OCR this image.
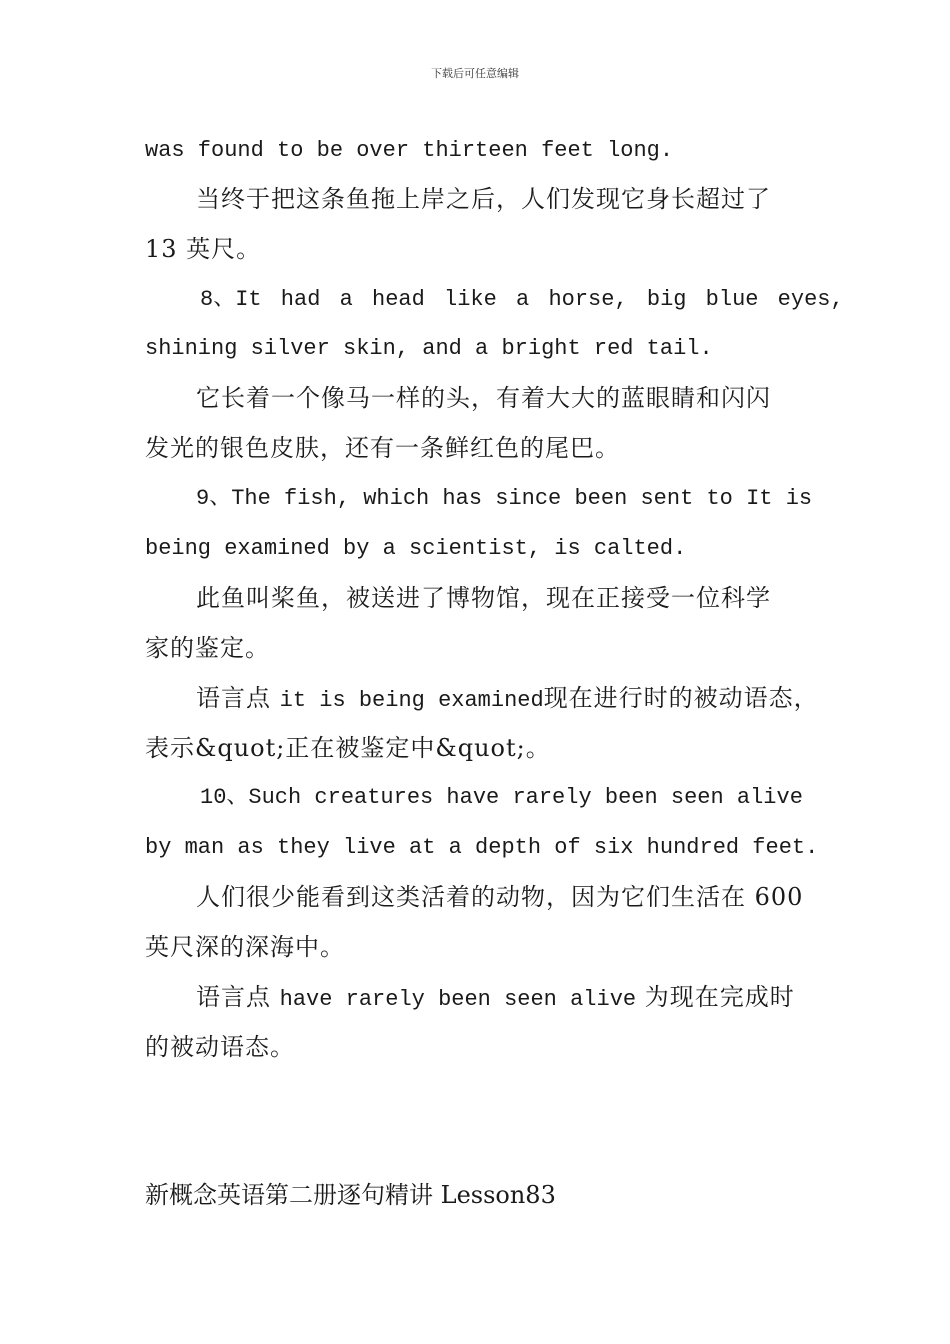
下载后可任意编辑
was found to be over thirteen feet long.
当终于把这条鱼拖上岸之后，人们发现它身长超过了
13 英尺。
8、It had a head like a horse, big blue eyes,
shining silver skin, and a bright red tail.
它长着一个像马一样的头，有着大大的蓝眼睛和闪闪
发光的银色皮肤，还有一条鲜红色的尾巴。
9、The fish, which has since been sent to It is
being examined by a scientist, is calted.
此鱼叫桨鱼，被送进了博物馆，现在正接受一位科学
家的鉴定。
语言点 it is being examined现在进行时的被动语态，
表示&quot;正在被鉴定中&quot;。
10、Such creatures have rarely been seen alive
by man as they live at a depth of six hundred feet.
人们很少能看到这类活着的动物，因为它们生活在 600
英尺深的深海中。
语言点 have rarely been seen alive 为现在完成时
的被动语态。
新概念英语第二册逐句精讲 Lesson83
